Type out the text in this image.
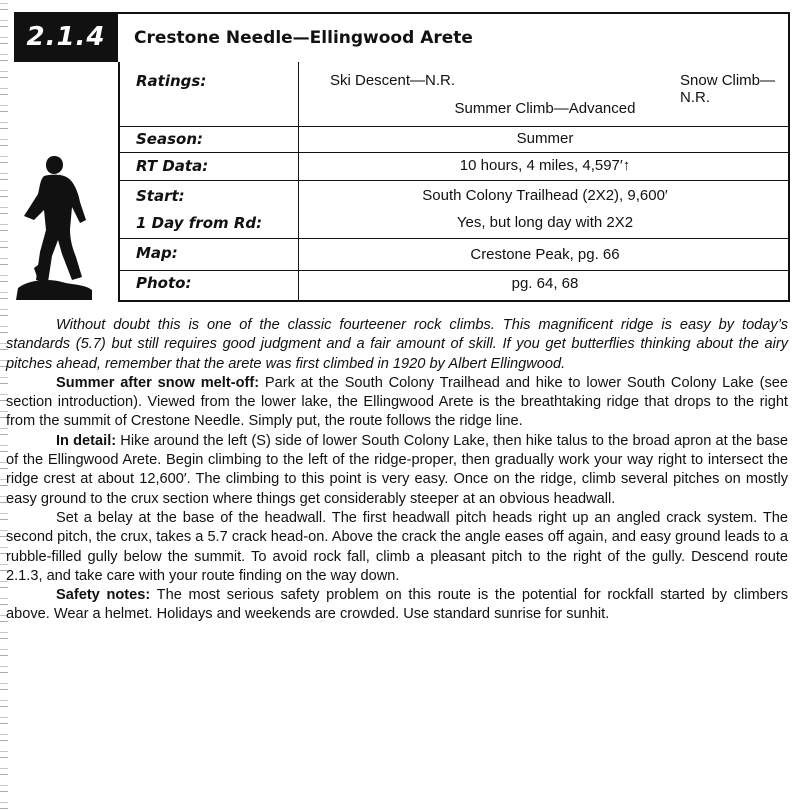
2.1.4	Crestone Needle—Ellingwood Arete
Ratings:	Ski Descent—N.R.	Snow Climb—N.R.
Summer Climb—Advanced
Season:	Summer
RT Data:	10 hours, 4 miles, 4,597′↑
Start:	South Colony Trailhead (2X2), 9,600′
1 Day from Rd:	Yes, but long day with 2X2
Map:	Crestone Peak, pg. 66
Photo:	pg. 64, 68

Without doubt this is one of the classic fourteener rock climbs. This magnificent ridge is easy by today’s standards (5.7) but still requires good judgment and a fair amount of skill. If you get butterflies thinking about the airy pitches ahead, remember that the arete was first climbed in 1920 by Albert Ellingwood.

Summer after snow melt-off: Park at the South Colony Trailhead and hike to lower South Colony Lake (see section introduction). Viewed from the lower lake, the Ellingwood Arete is the breathtaking ridge that drops to the right from the summit of Crestone Needle. Simply put, the route follows the ridge line.

In detail: Hike around the left (S) side of lower South Colony Lake, then hike talus to the broad apron at the base of the Ellingwood Arete. Begin climbing to the left of the ridge-proper, then gradually work your way right to intersect the ridge crest at about 12,600′. The climbing to this point is very easy. Once on the ridge, climb several pitches on mostly easy ground to the crux section where things get considerably steeper at an obvious headwall.

Set a belay at the base of the headwall. The first headwall pitch heads right up an angled crack system. The second pitch, the crux, takes a 5.7 crack head-on. Above the crack the angle eases off again, and easy ground leads to a rubble-filled gully below the summit. To avoid rock fall, climb a pleasant pitch to the right of the gully. Descend route 2.1.3, and take care with your route finding on the way down.

Safety notes: The most serious safety problem on this route is the potential for rockfall started by climbers above. Wear a helmet. Holidays and weekends are crowded. Use standard sunrise for sunhit.
